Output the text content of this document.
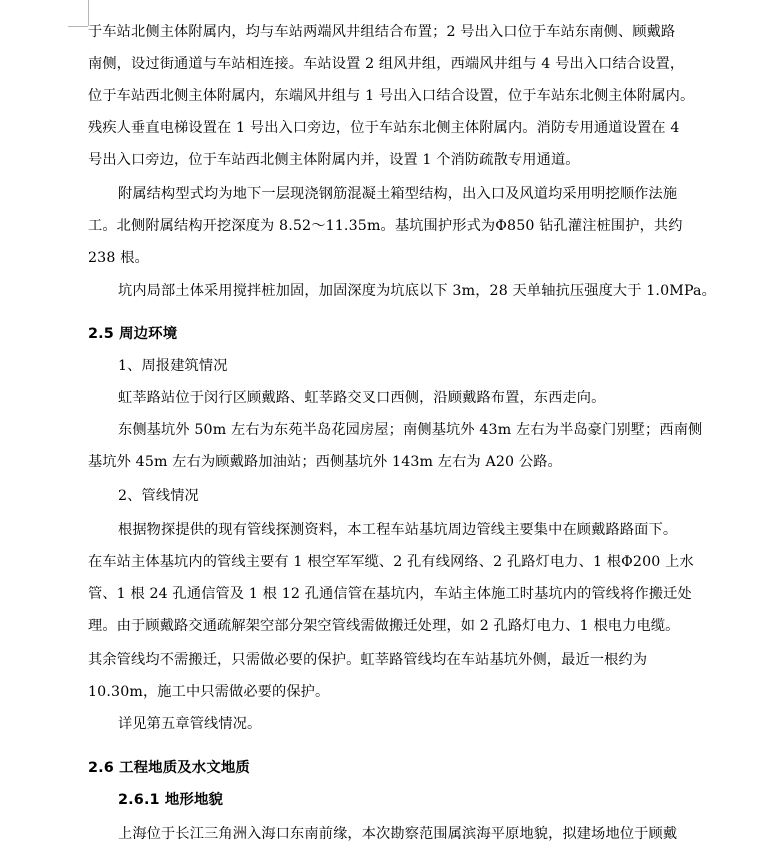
于车站北侧主体附属内，均与车站两端风井组结合布置；2 号出入口位于车站东南侧、顾戴路
南侧，设过街通道与车站相连接。车站设置 2 组风井组，西端风井组与 4 号出入口结合设置，
位于车站西北侧主体附属内，东端风井组与 1 号出入口结合设置，位于车站东北侧主体附属内。
残疾人垂直电梯设置在 1 号出入口旁边，位于车站东北侧主体附属内。消防专用通道设置在 4
号出入口旁边，位于车站西北侧主体附属内并，设置 1 个消防疏散专用通道。
附属结构型式均为地下一层现浇钢筋混凝土箱型结构，出入口及风道均采用明挖顺作法施
工。北侧附属结构开挖深度为 8.52～11.35m。基坑围护形式为Φ850 钻孔灌注桩围护，共约
238 根。
坑内局部土体采用搅拌桩加固，加固深度为坑底以下 3m，28 天单轴抗压强度大于 1.0MPa。
2.5 周边环境
1、周报建筑情况
虹莘路站位于闵行区顾戴路、虹莘路交叉口西侧，沿顾戴路布置，东西走向。
东侧基坑外 50m 左右为东苑半岛花园房屋；南侧基坑外 43m 左右为半岛豪门别墅；西南侧
基坑外 45m 左右为顾戴路加油站；西侧基坑外 143m 左右为 A20 公路。
2、管线情况
根据物探提供的现有管线探测资料，本工程车站基坑周边管线主要集中在顾戴路路面下。
在车站主体基坑内的管线主要有 1 根空军军缆、2 孔有线网络、2 孔路灯电力、1 根Φ200 上水
管、1 根 24 孔通信管及 1 根 12 孔通信管在基坑内，车站主体施工时基坑内的管线将作搬迁处
理。由于顾戴路交通疏解架空部分架空管线需做搬迁处理，如 2 孔路灯电力、1 根电力电缆。
其余管线均不需搬迁，只需做必要的保护。虹莘路管线均在车站基坑外侧，最近一根约为
10.30m，施工中只需做必要的保护。
详见第五章管线情况。
2.6 工程地质及水文地质
2.6.1 地形地貌
上海位于长江三角洲入海口东南前缘，本次勘察范围属滨海平原地貌，拟建场地位于顾戴
